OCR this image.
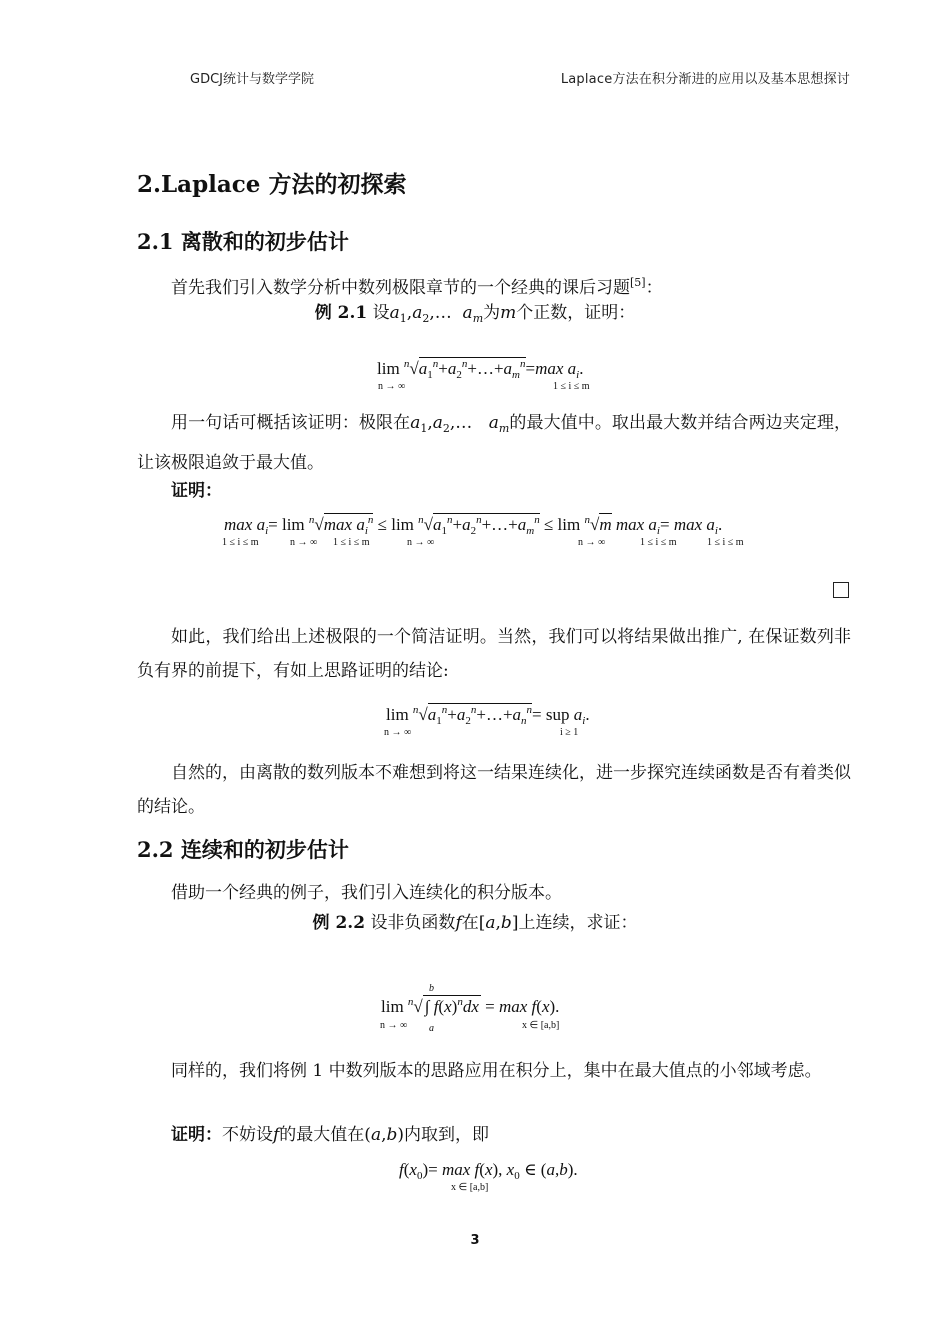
GDCJ统计与数学学院	Laplace方法在积分渐进的应用以及基本思想探讨
2.Laplace 方法的初探索
2.1 离散和的初步估计
首先我们引入数学分析中数列极限章节的一个经典的课后习题[5]：
例 2.1 设$a_1,a_2,\dots$  $a_m$为m个正数，证明：
$\lim ^n√a_1^n+a_2^n+\dots+a_m^n=\max$ $a_i$.
n → ∞	1 ≤ i ≤ m
用一句话可概括该证明：极限在$a_1,a_2,\dots$   $a_m$的最大值中。取出最大数并结合两边夹定理，让该极限追敛于最大值。
证明：
$\max a_i= \lim ^n√\max$ $a_i^n \le \lim$ $^n√a_1^n+a_2^n+\dots+a_m^n \le \lim ^n√m$ $\max a_i= \max a_i$.
1 ≤ i ≤ m	n → ∞ 1 ≤ i ≤ m	n → ∞	n → ∞	1 ≤ i ≤ m	1 ≤ i ≤ m
如此，我们给出上述极限的一个简洁证明。当然，我们可以将结果做出推广, 在保证数列非负有界的前提下，有如上思路证明的结论:
$\lim ^n√a_1^n+a_2^n+\dots+a_n^n=$ sup $a_i$.
n → ∞	i ≥ 1
自然的，由离散的数列版本不难想到将这一结果连续化，进一步探究连续函数是否有着类似的结论。
2.2 连续和的初步估计
借助一个经典的例子，我们引入连续化的积分版本。
例 2.2 设非负函数f在[a,b]上连续，求证：
lim $^n$√ ∫ $f(x)^ndx = \max f(x)$.
b
a
n → ∞	x ∈ [a,b]
同样的，我们将例 1 中数列版本的思路应用在积分上，集中在最大值点的小邻域考虑。
证明：不妨设f的最大值在(a,b)内取到，即
$f(x_0)= \max f(x)$, $x_0$ ∈ (a,b).
x ∈ [a,b]
3
